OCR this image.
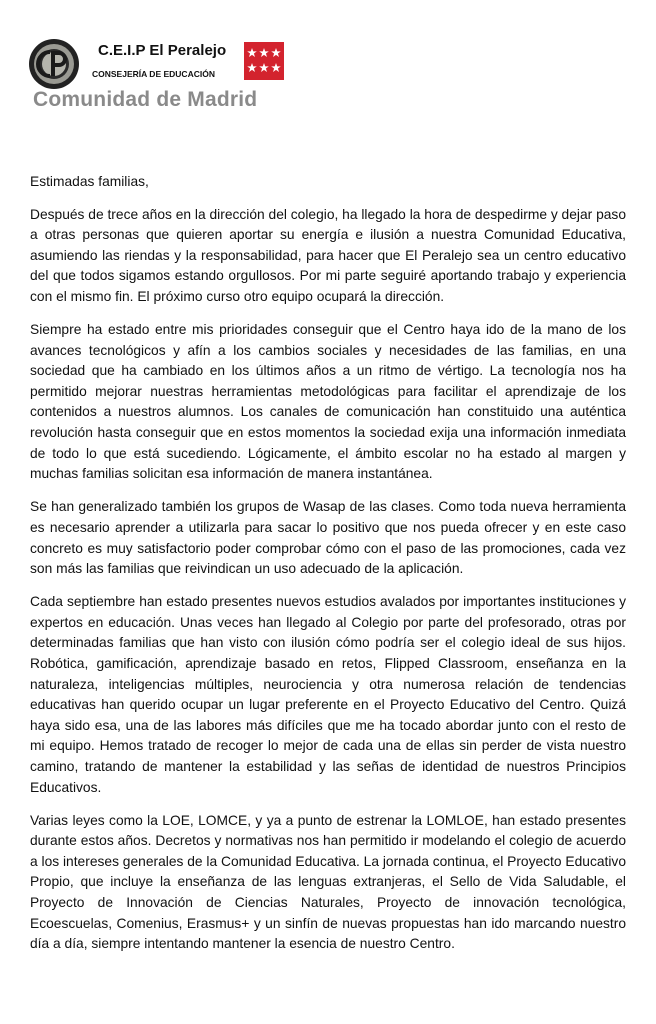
C.E.I.P El Peralejo
CONSEJERÍA DE EDUCACIÓN
Comunidad de Madrid

Estimadas familias,

Después de trece años en la dirección del colegio, ha llegado la hora de despedirme y dejar paso a otras personas que quieren aportar su energía e ilusión a nuestra Comunidad Educativa, asumiendo las riendas y la responsabilidad, para hacer que El Peralejo sea un centro educativo del que todos sigamos estando orgullosos. Por mi parte seguiré aportando trabajo y experiencia con el mismo fin. El próximo curso otro equipo ocupará la dirección.

Siempre ha estado entre mis prioridades conseguir que el Centro haya ido de la mano de los avances tecnológicos y afín a los cambios sociales y necesidades de las familias, en una sociedad que ha cambiado en los últimos años a un ritmo de vértigo. La tecnología nos ha permitido mejorar nuestras herramientas metodológicas para facilitar el aprendizaje de los contenidos a nuestros alumnos. Los canales de comunicación han constituido una auténtica revolución hasta conseguir que en estos momentos la sociedad exija una información inmediata de todo lo que está sucediendo. Lógicamente, el ámbito escolar no ha estado al margen y muchas familias solicitan esa información de manera instantánea.

Se han generalizado también los grupos de Wasap de las clases. Como toda nueva herramienta es necesario aprender a utilizarla para sacar lo positivo que nos pueda ofrecer y en este caso concreto es muy satisfactorio poder comprobar cómo con el paso de las promociones, cada vez son más las familias que reivindican un uso adecuado de la aplicación.

Cada septiembre han estado presentes nuevos estudios avalados por importantes instituciones y expertos en educación. Unas veces han llegado al Colegio por parte del profesorado, otras por determinadas familias que han visto con ilusión cómo podría ser el colegio ideal de sus hijos. Robótica, gamificación, aprendizaje basado en retos, Flipped Classroom, enseñanza en la naturaleza, inteligencias múltiples, neurociencia y otra numerosa relación de tendencias educativas han querido ocupar un lugar preferente en el Proyecto Educativo del Centro. Quizá haya sido esa, una de las labores más difíciles que me ha tocado abordar junto con el resto de mi equipo. Hemos tratado de recoger lo mejor de cada una de ellas sin perder de vista nuestro camino, tratando de mantener la estabilidad y las señas de identidad de nuestros Principios Educativos.

Varias leyes como la LOE, LOMCE, y ya a punto de estrenar la LOMLOE, han estado presentes durante estos años. Decretos y normativas nos han permitido ir modelando el colegio de acuerdo a los intereses generales de la Comunidad Educativa. La jornada continua, el Proyecto Educativo Propio, que incluye la enseñanza de las lenguas extranjeras, el Sello de Vida Saludable, el Proyecto de Innovación de Ciencias Naturales, Proyecto de innovación tecnológica, Ecoescuelas, Comenius, Erasmus+ y un sinfín de nuevas propuestas han ido marcando nuestro día a día, siempre intentando mantener la esencia de nuestro Centro.
